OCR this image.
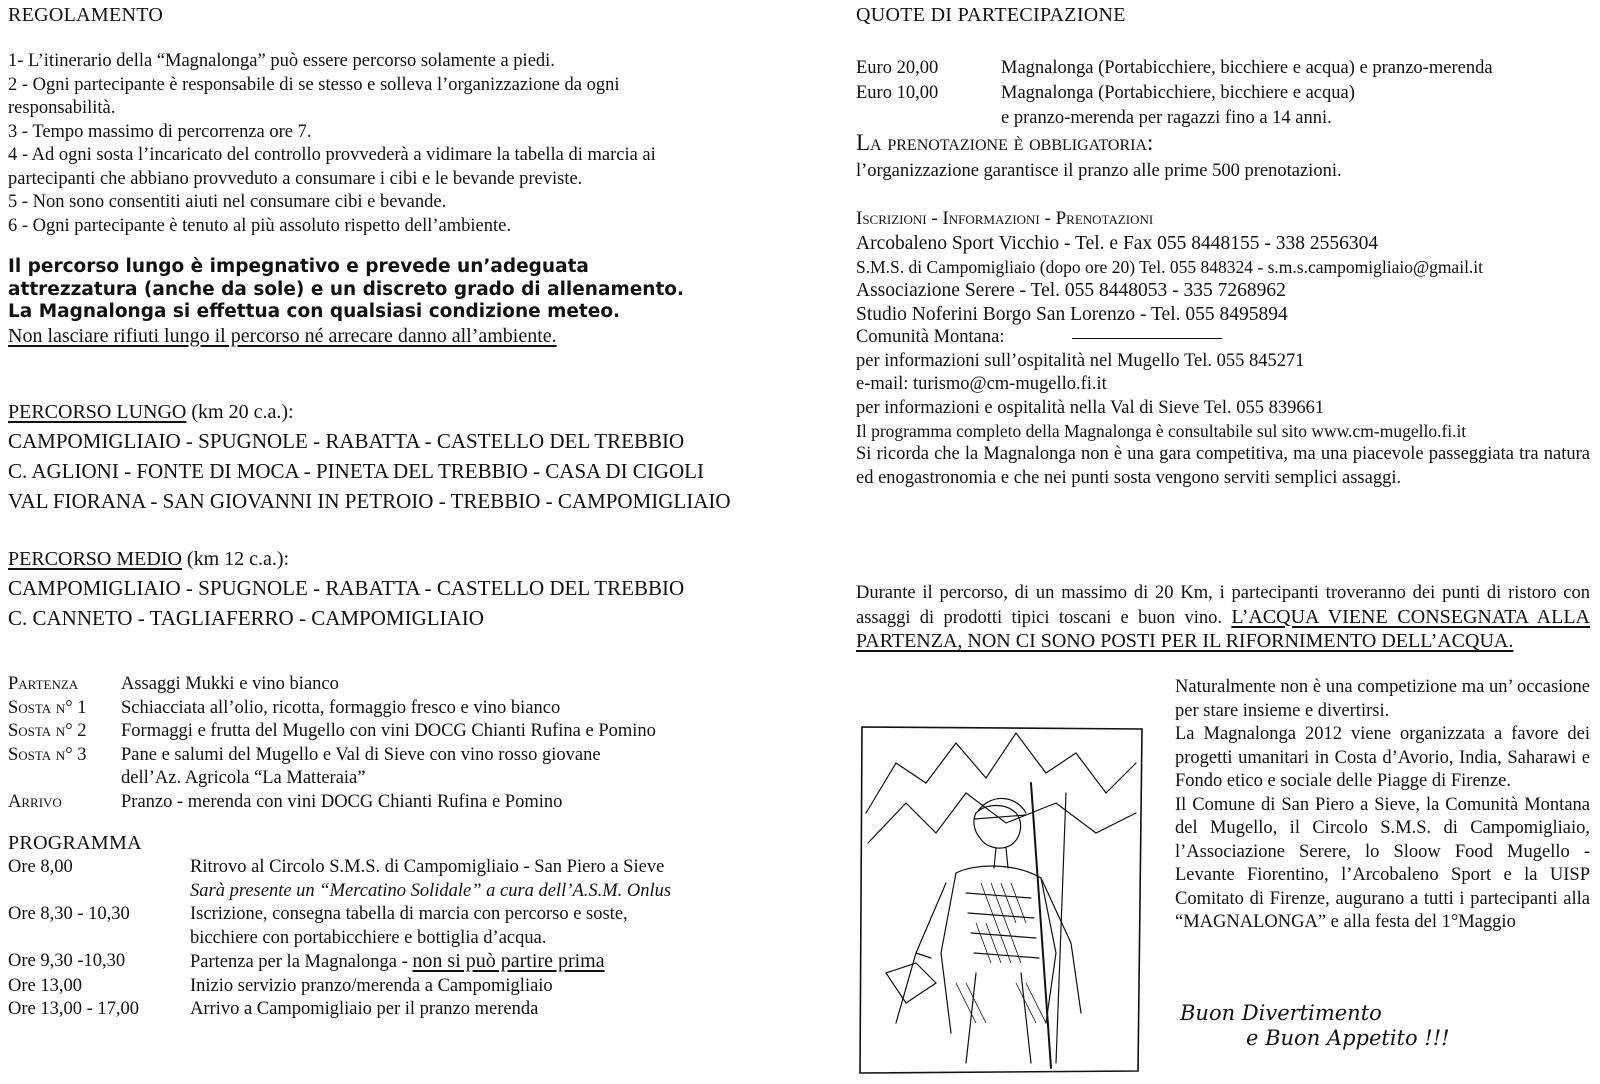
REGOLAMENTO

1- L’itinerario della “Magnalonga” può essere percorso solamente a piedi.

2 - Ogni partecipante è responsabile di se stesso e solleva l’organizzazione da ogni responsabilità.

3 - Tempo massimo di percorrenza ore 7.

4 - Ad ogni sosta l’incaricato del controllo provvederà a vidimare la tabella di marcia ai partecipanti che abbiano provveduto a consumare i cibi e le bevande previste.

5 - Non sono consentiti aiuti nel consumare cibi e bevande.

6 - Ogni partecipante è tenuto al più assoluto rispetto dell’ambiente.

Il percorso lungo è impegnativo e prevede un’adeguata

attrezzatura (anche da sole) e un discreto grado di allenamento.

La Magnalonga si effettua con qualsiasi condizione meteo.

Non lasciare rifiuti lungo il percorso né arrecare danno all’ambiente.

PERCORSO LUNGO (km 20 c.a.):

CAMPOMIGLIAIO - SPUGNOLE - RABATTA - CASTELLO DEL TREBBIO

C. AGLIONI - FONTE DI MOCA - PINETA DEL TREBBIO - CASA DI CIGOLI

VAL FIORANA - SAN GIOVANNI IN PETROIO - TREBBIO - CAMPOMIGLIAIO

PERCORSO MEDIO (km 12 c.a.):

CAMPOMIGLIAIO - SPUGNOLE - RABATTA - CASTELLO DEL TREBBIO

C. CANNETO - TAGLIAFERRO - CAMPOMIGLIAIO

Partenza	Assaggi Mukki e vino bianco
Sosta n° 1	Schiacciata all’olio, ricotta, formaggio fresco e vino bianco
Sosta n° 2	Formaggi e frutta del Mugello con vini DOCG Chianti Rufina e Pomino
Sosta n° 3	Pane e salumi del Mugello e Val di Sieve con vino rosso giovane
dell’Az. Agricola “La Matteraia”
Arrivo	Pranzo - merenda con vini DOCG Chianti Rufina e Pomino
PROGRAMMA
Ore 8,00	Ritrovo al Circolo S.M.S. di Campomigliaio - San Piero a Sieve
Sarà presente un “Mercatino Solidale” a cura dell’A.S.M. Onlus
Ore 8,30 - 10,30	Iscrizione, consegna tabella di marcia con percorso e soste,
bicchiere con portabicchiere e bottiglia d’acqua.
Ore 9,30 -10,30	Partenza per la Magnalonga - non si può partire prima
Ore 13,00	Inizio servizio pranzo/merenda a Campomigliaio
Ore 13,00 - 17,00	Arrivo a Campomigliaio per il pranzo merenda
QUOTE DI PARTECIPAZIONE
Euro 20,00	Magnalonga (Portabicchiere, bicchiere e acqua) e pranzo-merenda
Euro 10,00	Magnalonga (Portabicchiere, bicchiere e acqua)
e pranzo-merenda per ragazzi fino a 14 anni.
La prenotazione è obbligatoria:
l’organizzazione garantisce il pranzo alle prime 500 prenotazioni.
Iscrizioni - Informazioni - Prenotazioni

Arcobaleno Sport Vicchio - Tel. e Fax 055 8448155 - 338 2556304

S.M.S. di Campomigliaio (dopo ore 20) Tel. 055 848324 - s.m.s.campomigliaio@gmail.it

Associazione Serere - Tel. 055 8448053 - 335 7268962

Studio Noferini Borgo San Lorenzo - Tel. 055 8495894

Comunità Montana:

per informazioni sull’ospitalità nel Mugello Tel. 055 845271

e-mail: turismo@cm-mugello.fi.it

per informazioni e ospitalità nella Val di Sieve Tel. 055 839661

Il programma completo della Magnalonga è consultabile sul sito www.cm-mugello.fi.it

Si ricorda che la Magnalonga non è una gara competitiva, ma una piacevole passeggiata tra natura ed enogastronomia e che nei punti sosta vengono serviti semplici assaggi.

Durante il percorso, di un massimo di 20 Km, i partecipanti troveranno dei punti di ristoro con assaggi di prodotti tipici toscani e buon vino. L’ACQUA VIENE CONSEGNATA ALLA PARTENZA, NON CI SONO POSTI PER IL RIFORNIMENTO DELL’ACQUA.

Naturalmente non è una competizione ma un’ occasione per stare insieme e divertirsi.

La Magnalonga 2012 viene organizzata a favore dei progetti umanitari in Costa d’Avorio, India, Saharawi e Fondo etico e sociale delle Piagge di Firenze.

Il Comune di San Piero a Sieve, la Comunità Montana del Mugello, il Circolo S.M.S. di Campomigliaio, l’Associazione Serere, lo Sloow Food Mugello - Levante Fiorentino, l’Arcobaleno Sport e la UISP Comitato di Firenze, augurano a tutti i partecipanti alla “MAGNALONGA” e alla festa del 1°Maggio

Buon Divertimento
e Buon Appetito !!!
